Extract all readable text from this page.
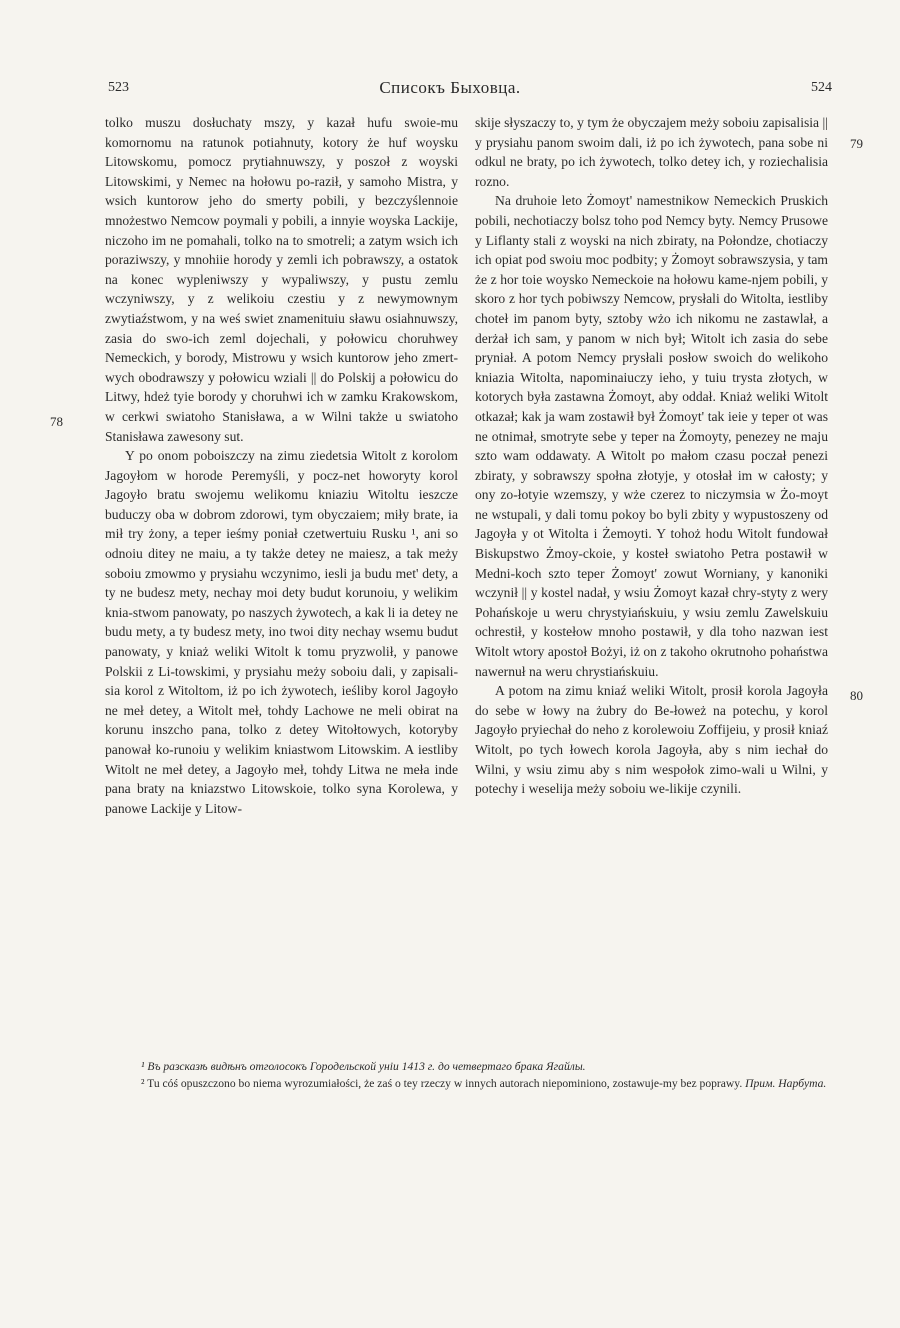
523	Списокъ Быховца.	524
78
79
80

tolko muszu dosłuchaty mszy, y kazał hufu swoie-mu komornomu na ratunok potiahnuty, kotory że huf woysku Litowskomu, pomocz prytiahnuwszy, y poszoł z woyski Litowskimi, y Nemec na hołowu po-raził, y samoho Mistra, y wsich kuntorow jeho do smerty pobili, y bezczyślennoie mnożestwo Nemcow poymali y pobili, a innyie woyska Lackije, niczoho im ne pomahali, tolko na to smotreli; a zatym wsich ich poraziwszy, y mnohiie horody y zemli ich pobrawszy, a ostatok na konec wypleniwszy y wypaliwszy, y pustu zemlu wczyniwszy, y z welikoiu czestiu y z newymownym zwytiaźstwom, y na weś swiet znamenituiu sławu osiahnuwszy, zasia do swo-ich zeml dojechali, y połowicu choruhwey Nemeckich, y borody, Mistrowu y wsich kuntorow jeho zmert-wych obodrawszy y połowicu wziali || do Polskij a połowicu do Litwy, hdeż tyie borody y choruhwi ich w zamku Krakowskom, w cerkwi swiatoho Stanisława, a w Wilni także u swiatoho Stanisława zawesony sut.

Y po onom poboiszczy na zimu ziedetsia Witolt z korolom Jagoyłom w horode Peremyśli, y pocz-net howoryty korol Jagoyło bratu swojemu welikomu kniaziu Witoltu ieszcze buduczy oba w dobrom zdorowi, tym obyczaiem; miły brate, ia mił try żony, a teper ieśmy poniał czetwertuiu Rusku ¹, ani so odnoiu ditey ne maiu, a ty także detey ne maiesz, a tak meży soboiu zmowmo y prysiahu wczynimo, iesli ja budu met' dety, a ty ne budesz mety, nechay moi dety budut korunoiu, y welikim knia-stwom panowaty, po naszych żywotech, a kak li ia detey ne budu mety, a ty budesz mety, ino twoi dity nechay wsemu budut panowaty, y kniaż weliki Witolt k tomu pryzwolił, y panowe Polskii z Li-towskimi, y prysiahu meży soboiu dali, y zapisali-sia korol z Witoltom, iż po ich żywotech, ieśliby korol Jagoyło ne meł detey, a Witolt meł, tohdy Lachowe ne meli obirat na korunu inszcho pana, tolko z detey Witołtowych, kotoryby panował ko-runoiu y welikim kniastwom Litowskim. A iestliby Witolt ne meł detey, a Jagoyło meł, tohdy Litwa ne meła inde pana braty na kniazstwo Litowskoie, tolko syna Korolewa, y panowe Lackije y Litow-

skije słyszaczy to, y tym że obyczajem meży soboiu zapisalisia || y prysiahu panom swoim dali, iż po ich żywotech, pana sobe ni odkul ne braty, po ich żywotech, tolko detey ich, y roziechalisia rozno.

Na druhoie leto Żomoyt' namestnikow Nemeckich Pruskich pobili, nechotiaczy bolsz toho pod Nemcy byty. Nemcy Prusowe y Liflanty stali z woyski na nich zbiraty, na Połondze, chotiaczy ich opiat pod swoiu moc podbity; y Żomoyt sobrawszysia, y tam że z hor toie woysko Nemeckoie na hołowu kame-njem pobili, y skoro z hor tych pobiwszy Nemcow, prysłali do Witolta, iestliby choteł im panom byty, sztoby wżo ich nikomu ne zastawlał, a derżał ich sam, y panom w nich był; Witolt ich zasia do sebe pryniał. A potom Nemcy prysłali posłow swoich do welikoho kniazia Witolta, napominaiuczy ieho, y tuiu trysta złotych, w kotorych była zastawna Żomoyt, aby oddał. Kniaż weliki Witolt otkazał; kak ja wam zostawił był Żomoyt' tak ieie y teper ot was ne otnimał, smotryte sebe y teper na Żomoyty, penezey ne maju szto wam oddawaty. A Witolt po małom czasu poczał penezi zbiraty, y sobrawszy społna złotyje, y otosłał im w całosty; y ony zo-łotyie wzemszy, y wże czerez to niczymsia w Żo-moyt ne wstupali, y dali tomu pokoy bo byli zbity y wypustoszeny od Jagoyła y ot Witolta i Żemoyti. Y tohoż hodu Witolt fundował Biskupstwo Żmoy-ckoie, y kosteł swiatoho Petra postawił w Medni-koch szto teper Żomoyt' zowut Worniany, y kanoniki wczynił || y kostel nadał, y wsiu Żomoyt kazał chry-styty z wery Pohańskoje u weru chrystyiańskuiu, y wsiu zemlu Zawelskuiu ochrestił, y kostełow mnoho postawił, y dla toho nazwan iest Witolt wtory apostoł Bożyi, iż on z takoho okrutnoho pohaństwa nawernuł na weru chrystiańskuiu.

A potom na zimu kniaź weliki Witolt, prosił korola Jagoyła do sebe w łowy na żubry do Be-łoweż na potechu, y korol Jagoyło pryiechał do neho z korolewoiu Zoffijeiu, y prosił kniaź Witolt, po tych łowech korola Jagoyła, aby s nim iechał do Wilni, y wsiu zimu aby s nim wespołok zimo-wali u Wilni, y potechy i weselija meży soboiu we-likije czynili.

¹ Въ разсказѣ видѣнъ отголосокъ Городельской уніи 1413 г. до четвертаго брака Ягайлы.

² Tu cóś opuszczono bo niema wyrozumiałości, że zaś o tey rzeczy w innych autorach niepominiono, zostawuje-my bez poprawy. Прим. Нарбута.
